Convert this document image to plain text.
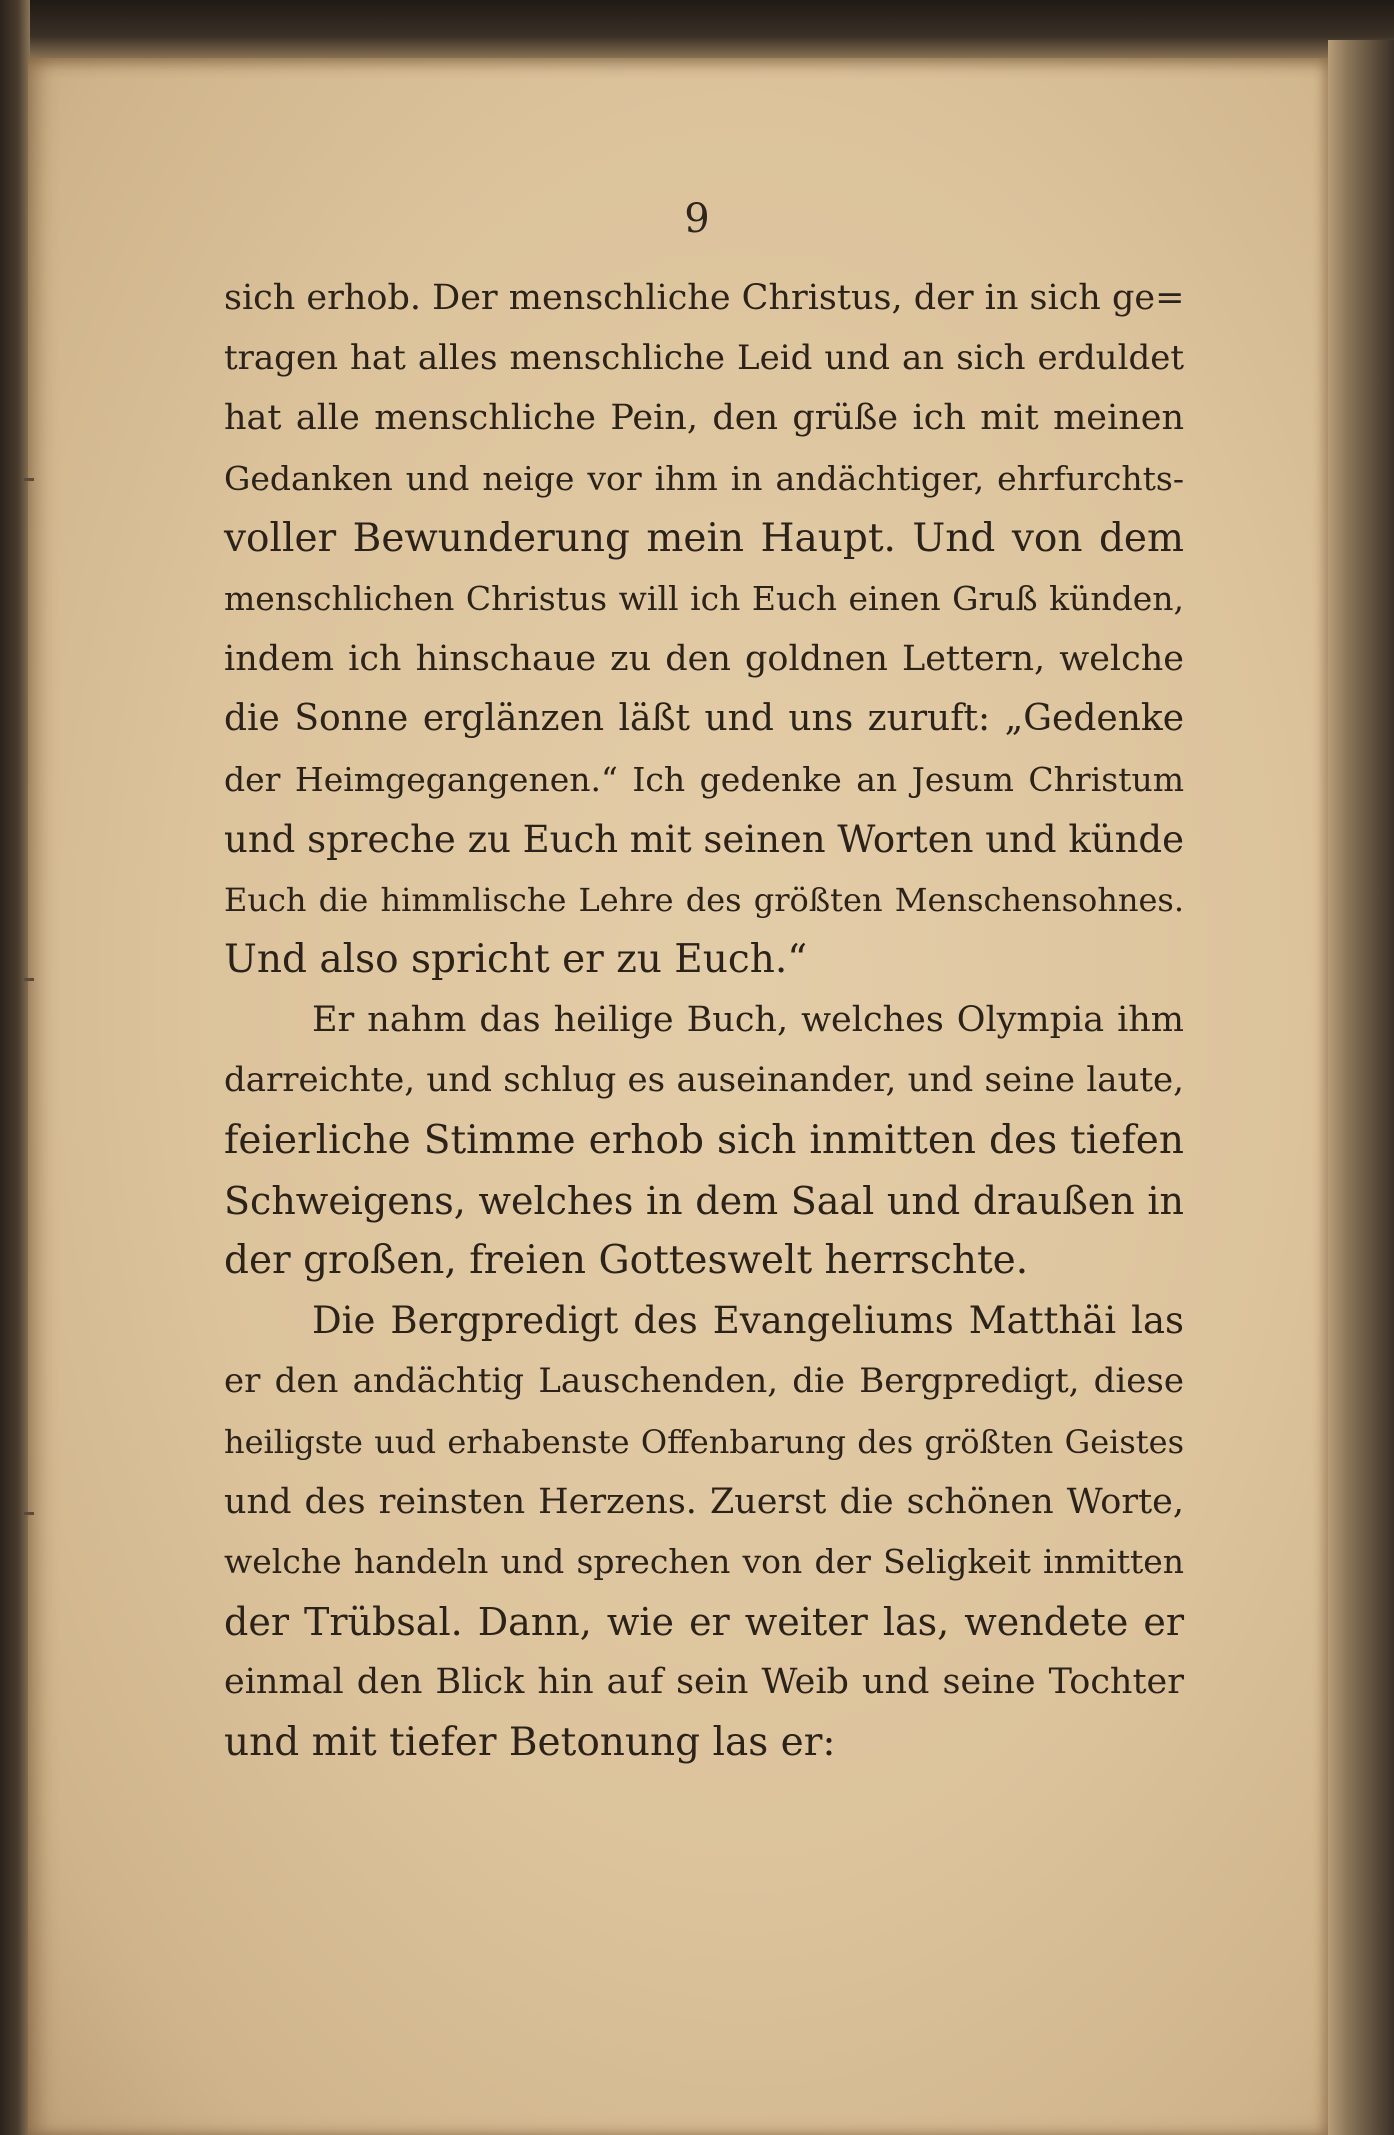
9
sich erhob. Der menschliche Christus, der in sich ge=
tragen hat alles menschliche Leid und an sich erduldet
hat alle menschliche Pein, den grüße ich mit meinen
Gedanken und neige vor ihm in andächtiger, ehrfurchts-
voller Bewunderung mein Haupt. Und von dem
menschlichen Christus will ich Euch einen Gruß künden,
indem ich hinschaue zu den goldnen Lettern, welche
die Sonne erglänzen läßt und uns zuruft: „Gedenke
der Heimgegangenen.“ Ich gedenke an Jesum Christum
und spreche zu Euch mit seinen Worten und künde
Euch die himmlische Lehre des größten Menschensohnes.
Und also spricht er zu Euch.“
Er nahm das heilige Buch, welches Olympia ihm
darreichte, und schlug es auseinander, und seine laute,
feierliche Stimme erhob sich inmitten des tiefen
Schweigens, welches in dem Saal und draußen in
der großen, freien Gotteswelt herrschte.
Die Bergpredigt des Evangeliums Matthäi las
er den andächtig Lauschenden, die Bergpredigt, diese
heiligste uud erhabenste Offenbarung des größten Geistes
und des reinsten Herzens. Zuerst die schönen Worte,
welche handeln und sprechen von der Seligkeit inmitten
der Trübsal. Dann, wie er weiter las, wendete er
einmal den Blick hin auf sein Weib und seine Tochter
und mit tiefer Betonung las er:
